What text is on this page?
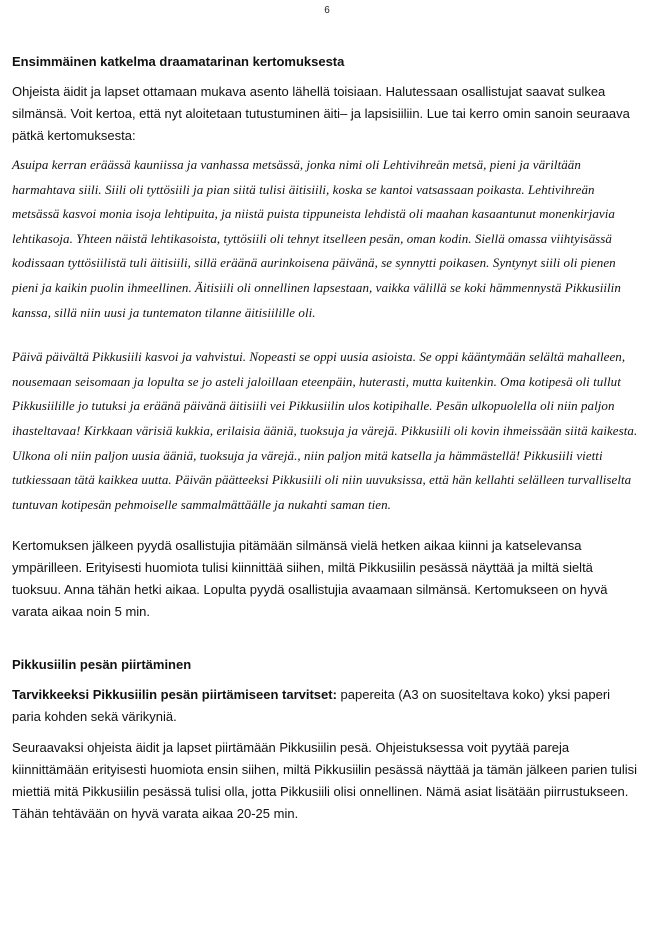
6
Ensimmäinen katkelma draamatarinan kertomuksesta

Ohjeista äidit ja lapset ottamaan mukava asento lähellä toisiaan. Halutessaan osallistujat saavat sulkea silmänsä. Voit kertoa, että nyt aloitetaan tutustuminen äiti– ja lapsisiiliin. Lue tai kerro omin sanoin seuraava pätkä kertomuksesta:

Asuipa kerran eräässä kauniissa ja vanhassa metsässä, jonka nimi oli Lehtivihreän metsä, pieni ja väriltään harmahtava siili. Siili oli tyttösiili ja pian siitä tulisi äitisiili, koska se kantoi vatsassaan poikasta. Lehtivihreän metsässä kasvoi monia isoja lehtipuita, ja niistä puista tippuneista lehdistä oli maahan kasaantunut monenkirjavia lehtikasoja. Yhteen näistä lehtikasoista, tyttösiili oli tehnyt itselleen pesän, oman kodin. Siellä omassa viihtyisässä kodissaan tyttösiilistä tuli äitisiili, sillä eräänä aurinkoisena päivänä, se synnytti poikasen. Syntynyt siili oli pienen pieni ja kaikin puolin ihmeellinen. Äitisiili oli onnellinen lapsestaan, vaikka välillä se koki hämmennystä Pikkusiilin kanssa, sillä niin uusi ja tuntematon tilanne äitisiilille oli.

Päivä päivältä Pikkusiili kasvoi ja vahvistui. Nopeasti se oppi uusia asioista. Se oppi kääntymään selältä mahalleen, nousemaan seisomaan ja lopulta se jo asteli jaloillaan eteenpäin, huterasti, mutta kuitenkin. Oma kotipesä oli tullut Pikkusiilille jo tutuksi ja eräänä päivänä äitisiili vei Pikkusiilin ulos kotipihalle. Pesän ulkopuolella oli niin paljon ihasteltavaa! Kirkkaan värisiä kukkia, erilaisia ääniä, tuoksuja ja värejä. Pikkusiili oli kovin ihmeissään siitä kaikesta. Ulkona oli niin paljon uusia ääniä, tuoksuja ja värejä., niin paljon mitä katsella ja hämmästellä! Pikkusiili vietti tutkiessaan tätä kaikkea uutta. Päivän päätteeksi Pikkusiili oli niin uuvuksissa, että hän kellahti selälleen turvalliselta tuntuvan kotipesän pehmoiselle sammalmättäälle ja nukahti saman tien.

Kertomuksen jälkeen pyydä osallistujia pitämään silmänsä vielä hetken aikaa kiinni ja katselevansa ympärilleen. Erityisesti huomiota tulisi kiinnittää siihen, miltä Pikkusiilin pesässä näyttää ja miltä sieltä tuoksuu. Anna tähän hetki aikaa. Lopulta pyydä osallistujia avaamaan silmänsä. Kertomukseen on hyvä varata aikaa noin 5 min.

Pikkusiilin pesän piirtäminen

Tarvikkeeksi Pikkusiilin pesän piirtämiseen tarvitset: papereita (A3 on suositeltava koko) yksi paperi paria kohden sekä värikyniä.

Seuraavaksi ohjeista äidit ja lapset piirtämään Pikkusiilin pesä. Ohjeistuksessa voit pyytää pareja kiinnittämään erityisesti huomiota ensin siihen, miltä Pikkusiilin pesässä näyttää ja tämän jälkeen parien tulisi miettiä mitä Pikkusiilin pesässä tulisi olla, jotta Pikkusiili olisi onnellinen. Nämä asiat lisätään piirrustukseen. Tähän tehtävään on hyvä varata aikaa 20-25 min.
